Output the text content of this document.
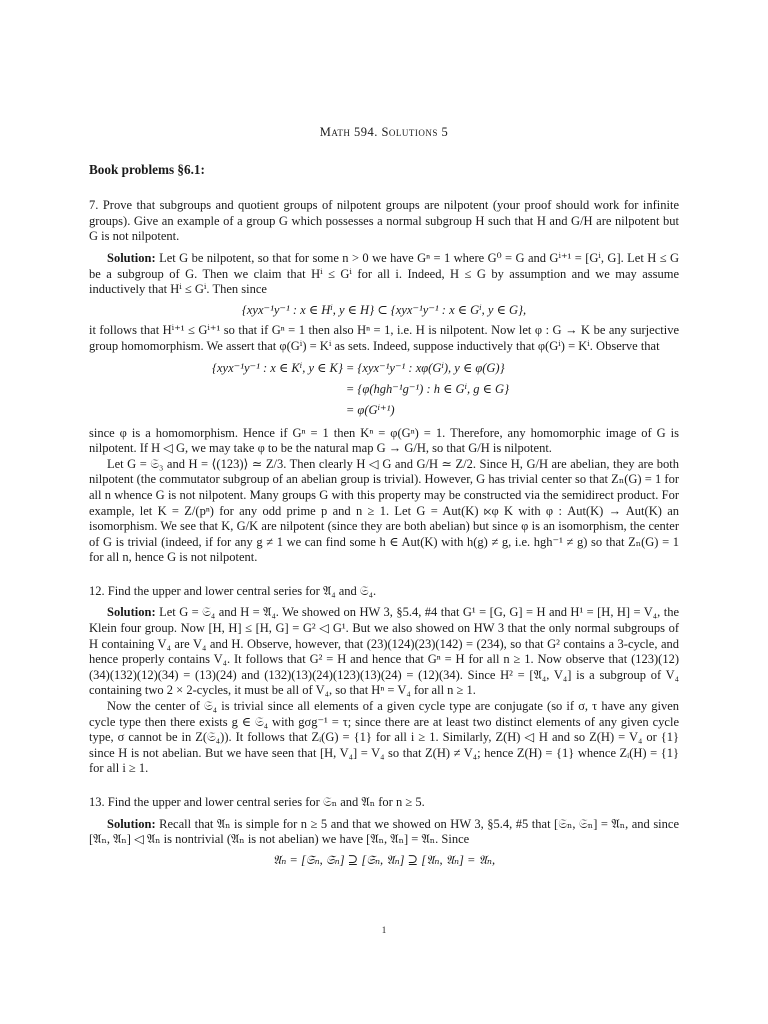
Math 594. Solutions 5
Book problems §6.1:

7. Prove that subgroups and quotient groups of nilpotent groups are nilpotent (your proof should work for infinite groups). Give an example of a group G which possesses a normal subgroup H such that H and G/H are nilpotent but G is not nilpotent.

Solution: Let G be nilpotent, so that for some n > 0 we have Gⁿ = 1 where G⁰ = G and Gⁱ⁺¹ = [Gⁱ, G]. Let H ≤ G be a subgroup of G. Then we claim that Hⁱ ≤ Gⁱ for all i. Indeed, H ≤ G by assumption and we may assume inductively that Hⁱ ≤ Gⁱ. Then since

{xyx⁻¹y⁻¹ : x ∈ Hⁱ, y ∈ H} ⊂ {xyx⁻¹y⁻¹ : x ∈ Gⁱ, y ∈ G},

it follows that Hⁱ⁺¹ ≤ Gⁱ⁺¹ so that if Gⁿ = 1 then also Hⁿ = 1, i.e. H is nilpotent. Now let φ : G → K be any surjective group homomorphism. We assert that φ(Gⁱ) = Kⁱ as sets. Indeed, suppose inductively that φ(Gⁱ) = Kⁱ. Observe that

{xyx⁻¹y⁻¹ : x ∈ Kⁱ, y ∈ K}	= {xyx⁻¹y⁻¹ : xφ(Gⁱ), y ∈ φ(G)}
	= {φ(hgh⁻¹g⁻¹) : h ∈ Gⁱ, g ∈ G}
	= φ(Gⁱ⁺¹)

since φ is a homomorphism. Hence if Gⁿ = 1 then Kⁿ = φ(Gⁿ) = 1. Therefore, any homomorphic image of G is nilpotent. If H ◁ G, we may take φ to be the natural map G → G/H, so that G/H is nilpotent.

Let G = 𝔖₃ and H = ⟨(123)⟩ ≃ Z/3. Then clearly H ◁ G and G/H ≃ Z/2. Since H, G/H are abelian, they are both nilpotent (the commutator subgroup of an abelian group is trivial). However, G has trivial center so that Zₙ(G) = 1 for all n whence G is not nilpotent. Many groups G with this property may be constructed via the semidirect product. For example, let K = Z/(pⁿ) for any odd prime p and n ≥ 1. Let G = Aut(K) ⋉φ K with φ : Aut(K) → Aut(K) an isomorphism. We see that K, G/K are nilpotent (since they are both abelian) but since φ is an isomorphism, the center of G is trivial (indeed, if for any g ≠ 1 we can find some h ∈ Aut(K) with h(g) ≠ g, i.e. hgh⁻¹ ≠ g) so that Zₙ(G) = 1 for all n, hence G is not nilpotent.

12. Find the upper and lower central series for 𝔄₄ and 𝔖₄.

Solution: Let G = 𝔖₄ and H = 𝔄₄. We showed on HW 3, §5.4, #4 that G¹ = [G, G] = H and H¹ = [H, H] = V₄, the Klein four group. Now [H, H] ≤ [H, G] = G² ◁ G¹. But we also showed on HW 3 that the only normal subgroups of H containing V₄ are V₄ and H. Observe, however, that (23)(124)(23)(142) = (234), so that G² contains a 3-cycle, and hence properly contains V₄. It follows that G² = H and hence that Gⁿ = H for all n ≥ 1. Now observe that (123)(12)(34)(132)(12)(34) = (13)(24) and (132)(13)(24)(123)(13)(24) = (12)(34). Since H² = [𝔄₄, V₄] is a subgroup of V₄ containing two 2 × 2-cycles, it must be all of V₄, so that Hⁿ = V₄ for all n ≥ 1.

Now the center of 𝔖₄ is trivial since all elements of a given cycle type are conjugate (so if σ, τ have any given cycle type then there exists g ∈ 𝔖₄ with gσg⁻¹ = τ; since there are at least two distinct elements of any given cycle type, σ cannot be in Z(𝔖₄)). It follows that Zᵢ(G) = {1} for all i ≥ 1. Similarly, Z(H) ◁ H and so Z(H) = V₄ or {1} since H is not abelian. But we have seen that [H, V₄] = V₄ so that Z(H) ≠ V₄; hence Z(H) = {1} whence Zᵢ(H) = {1} for all i ≥ 1.

13. Find the upper and lower central series for 𝔖ₙ and 𝔄ₙ for n ≥ 5.

Solution: Recall that 𝔄ₙ is simple for n ≥ 5 and that we showed on HW 3, §5.4, #5 that [𝔖ₙ, 𝔖ₙ] = 𝔄ₙ, and since [𝔄ₙ, 𝔄ₙ] ◁ 𝔄ₙ is nontrivial (𝔄ₙ is not abelian) we have [𝔄ₙ, 𝔄ₙ] = 𝔄ₙ. Since

𝔄ₙ = [𝔖ₙ, 𝔖ₙ] ⊇ [𝔖ₙ, 𝔄ₙ] ⊇ [𝔄ₙ, 𝔄ₙ] = 𝔄ₙ,
1
